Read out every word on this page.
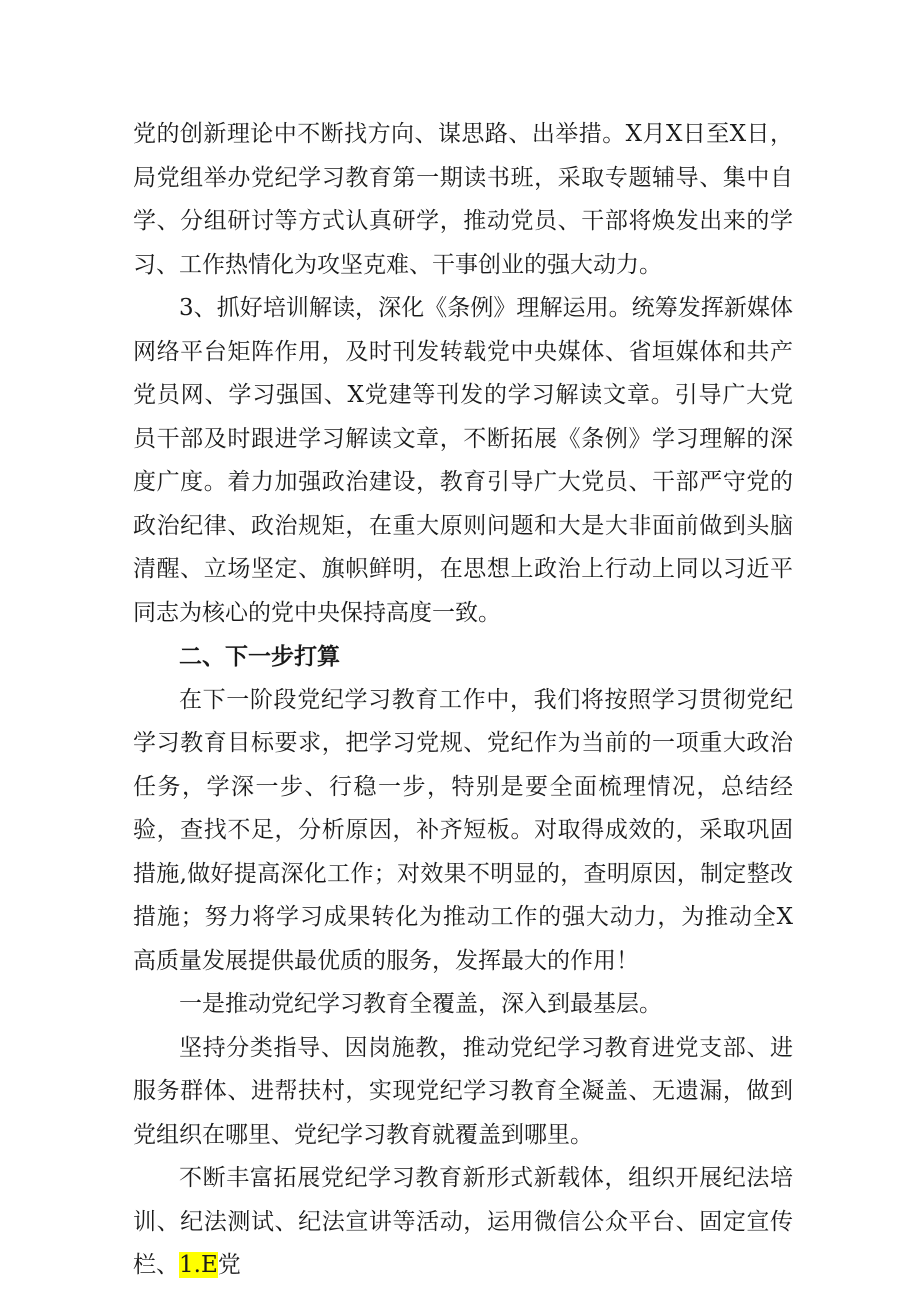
党的创新理论中不断找方向、谋思路、出举措。X月X日至X日，局党组举办党纪学习教育第一期读书班，采取专题辅导、集中自学、分组研讨等方式认真研学，推动党员、干部将焕发出来的学习、工作热情化为攻坚克难、干事创业的强大动力。

3、抓好培训解读，深化《条例》理解运用。统筹发挥新媒体网络平台矩阵作用，及时刊发转载党中央媒体、省垣媒体和共产党员网、学习强国、X党建等刊发的学习解读文章。引导广大党员干部及时跟进学习解读文章，不断拓展《条例》学习理解的深度广度。着力加强政治建设，教育引导广大党员、干部严守党的政治纪律、政治规矩，在重大原则问题和大是大非面前做到头脑清醒、立场坚定、旗帜鲜明，在思想上政治上行动上同以习近平同志为核心的党中央保持高度一致。

二、下一步打算

在下一阶段党纪学习教育工作中，我们将按照学习贯彻党纪学习教育目标要求，把学习党规、党纪作为当前的一项重大政治任务，学深一步、行稳一步，特别是要全面梳理情况，总结经验，查找不足，分析原因，补齐短板。对取得成效的，采取巩固措施,做好提高深化工作；对效果不明显的，查明原因，制定整改措施；努力将学习成果转化为推动工作的强大动力，为推动全X高质量发展提供最优质的服务，发挥最大的作用！

一是推动党纪学习教育全覆盖，深入到最基层。

坚持分类指导、因岗施教，推动党纪学习教育进党支部、进服务群体、进帮扶村，实现党纪学习教育全凝盖、无遗漏，做到党组织在哪里、党纪学习教育就覆盖到哪里。

不断丰富拓展党纪学习教育新形式新载体，组织开展纪法培训、纪法测试、纪法宣讲等活动，运用微信公众平台、固定宣传栏、1.E党
